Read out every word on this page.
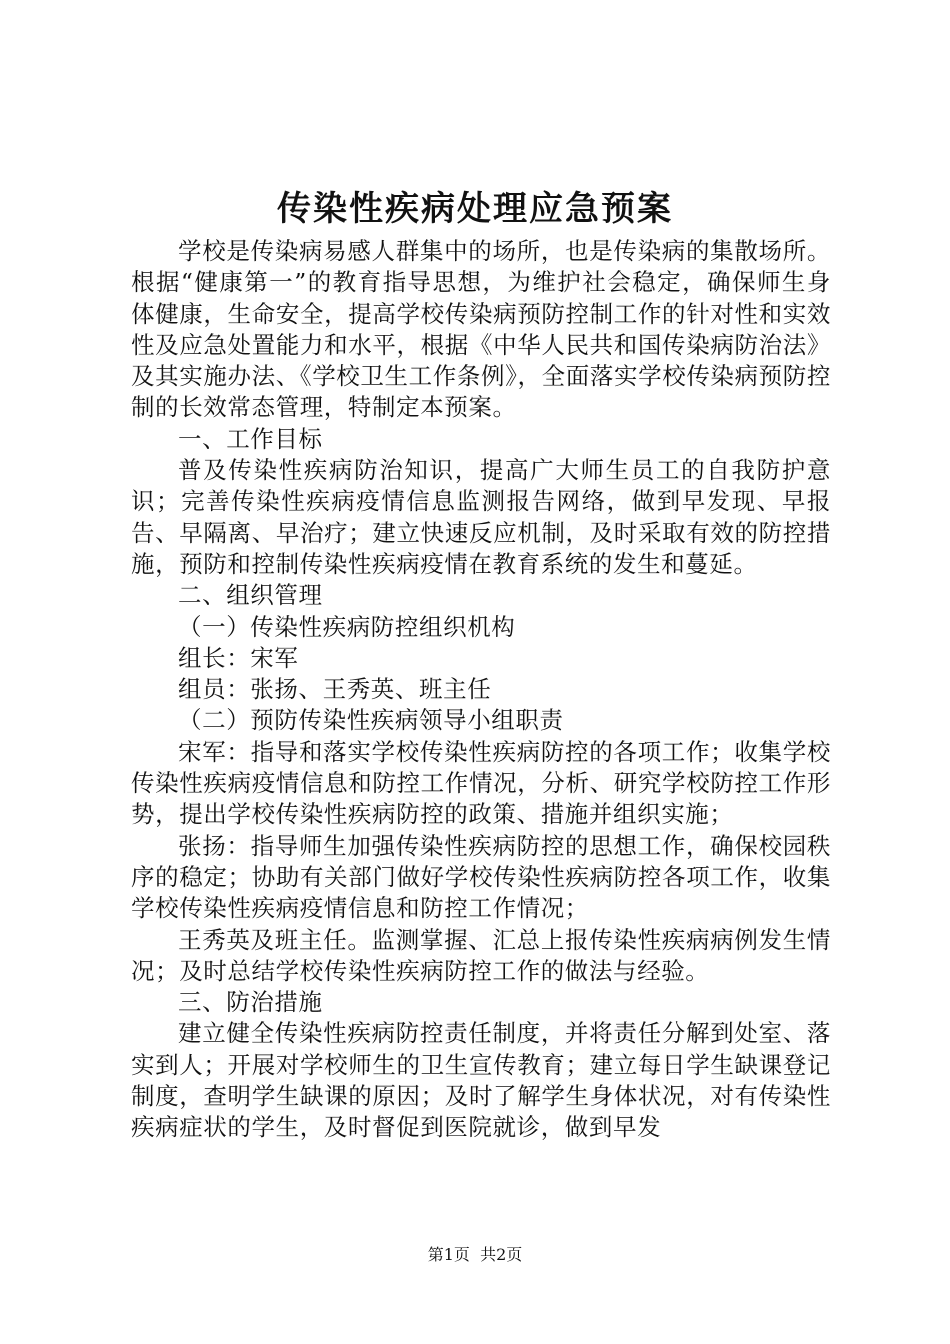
传染性疾病处理应急预案

学校是传染病易感人群集中的场所，也是传染病的集散场所。根据“健康第一”的教育指导思想，为维护社会稳定，确保师生身体健康，生命安全，提高学校传染病预防控制工作的针对性和实效性及应急处置能力和水平，根据《中华人民共和国传染病防治法》及其实施办法、《学校卫生工作条例》，全面落实学校传染病预防控制的长效常态管理，特制定本预案。

一、工作目标

普及传染性疾病防治知识，提高广大师生员工的自我防护意识；完善传染性疾病疫情信息监测报告网络，做到早发现、早报告、早隔离、早治疗；建立快速反应机制，及时采取有效的防控措施，预防和控制传染性疾病疫情在教育系统的发生和蔓延。

二、组织管理

（一）传染性疾病防控组织机构

组长：宋军

组员：张扬、王秀英、班主任

（二）预防传染性疾病领导小组职责

宋军：指导和落实学校传染性疾病防控的各项工作；收集学校传染性疾病疫情信息和防控工作情况，分析、研究学校防控工作形势，提出学校传染性疾病防控的政策、措施并组织实施；

张扬：指导师生加强传染性疾病防控的思想工作，确保校园秩序的稳定；协助有关部门做好学校传染性疾病防控各项工作，收集学校传染性疾病疫情信息和防控工作情况；

王秀英及班主任。监测掌握、汇总上报传染性疾病病例发生情况；及时总结学校传染性疾病防控工作的做法与经验。

三、防治措施

建立健全传染性疾病防控责任制度，并将责任分解到处室、落实到人；开展对学校师生的卫生宣传教育；建立每日学生缺课登记制度，查明学生缺课的原因；及时了解学生身体状况，对有传染性疾病症状的学生，及时督促到医院就诊，做到早发

第1页  共2页
